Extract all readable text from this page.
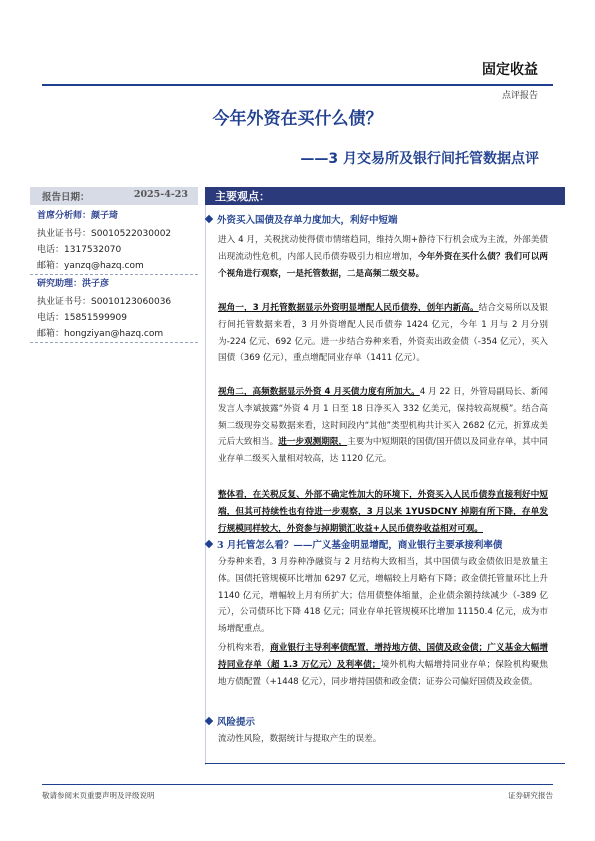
固定收益
点评报告
今年外资在买什么债？
——3 月交易所及银行间托管数据点评
报告日期：	2025-4-23
首席分析师：颜子琦
执业证书号：S0010522030002
电话：13175320​70
邮箱：yanzq@hazq.com
研究助理：洪子彦
执业证书号：S0010123060036
电话：15851599909
邮箱：hongziyan@hazq.com
主要观点：
外资买入国债及存单力度加大，利好中短端
进入 4 月，关税扰动使得债市情绪趋同，维持久期+静待下行机会成为主流，外部美债出现流动性危机，内部人民币债券吸引力相应增加，今年外资在买什么债？我们可以两个视角进行观察，一是托管数据，二是高频二级交易。
视角一，3 月托管数据显示外资明显增配人民币债券，创年内新高。结合交易所以及银行间托管数据来看，3 月外资增配人民币债券 1424 亿元，今年 1 月与 2 月分别为-224 亿元、692 亿元。进一步结合券种来看，外资卖出政金债（-354 亿元），买入国债（369 亿元），重点增配同业存单（1411 亿元）。
视角二，高频数据显示外资 4 月买债力度有所加大。4 月 22 日，外管局副局长、新闻发言人李斌披露“外资 4 月 1 日至 18 日净买入 332 亿美元，保持较高规模”。结合高频二级现券交易数据来看，这时间段内“其他”类型机构共计买入 2682 亿元，折算成美元后大致相当。进一步观测期限，主要为中短期限的国债/国开债以及同业存单，其中同业存单二级买入量相对较高，达 1120 亿元。
整体看，在关税反复、外部不确定性加大的环境下，外资买入人民币债券直接利好中短端，但其可持续性也有待进一步观察，3 月以来 1YUSDCNY 掉期有所下降，存单发行规模同样较大，外资参与掉期锁汇收益+人民币债券收益相对可观。
3 月托管怎么看？——广义基金明显增配，商业银行主要承接利率债
分券种来看，3 月券种净融资与 2 月结构大致相当，其中国债与政金债依旧是放量主体。国债托管规模环比增加 6297 亿元，增幅较上月略有下降；政金债托管量环比上升 1140 亿元，增幅较上月有所扩大；信用债整体缩量，企业债余额持续减少（-389 亿元），公司债环比下降 418 亿元；同业存单托管规模环比增加 11150.4 亿元，成为市场增配重点。
分机构来看，商业银行主导利率债配置，增持地方债、国债及政金债；广义基金大幅增持同业存单（超 1.3 万亿元）及利率债；境外机构大幅增持同业存单；保险机构聚焦地方债配置（+1448 亿元），同步增持国债和政金债；证券公司偏好国债及政金债。
风险提示
流动性风险，数据统计与提取产生的误差。
敬请参阅末页重要声明及评级说明	证券研究报告
